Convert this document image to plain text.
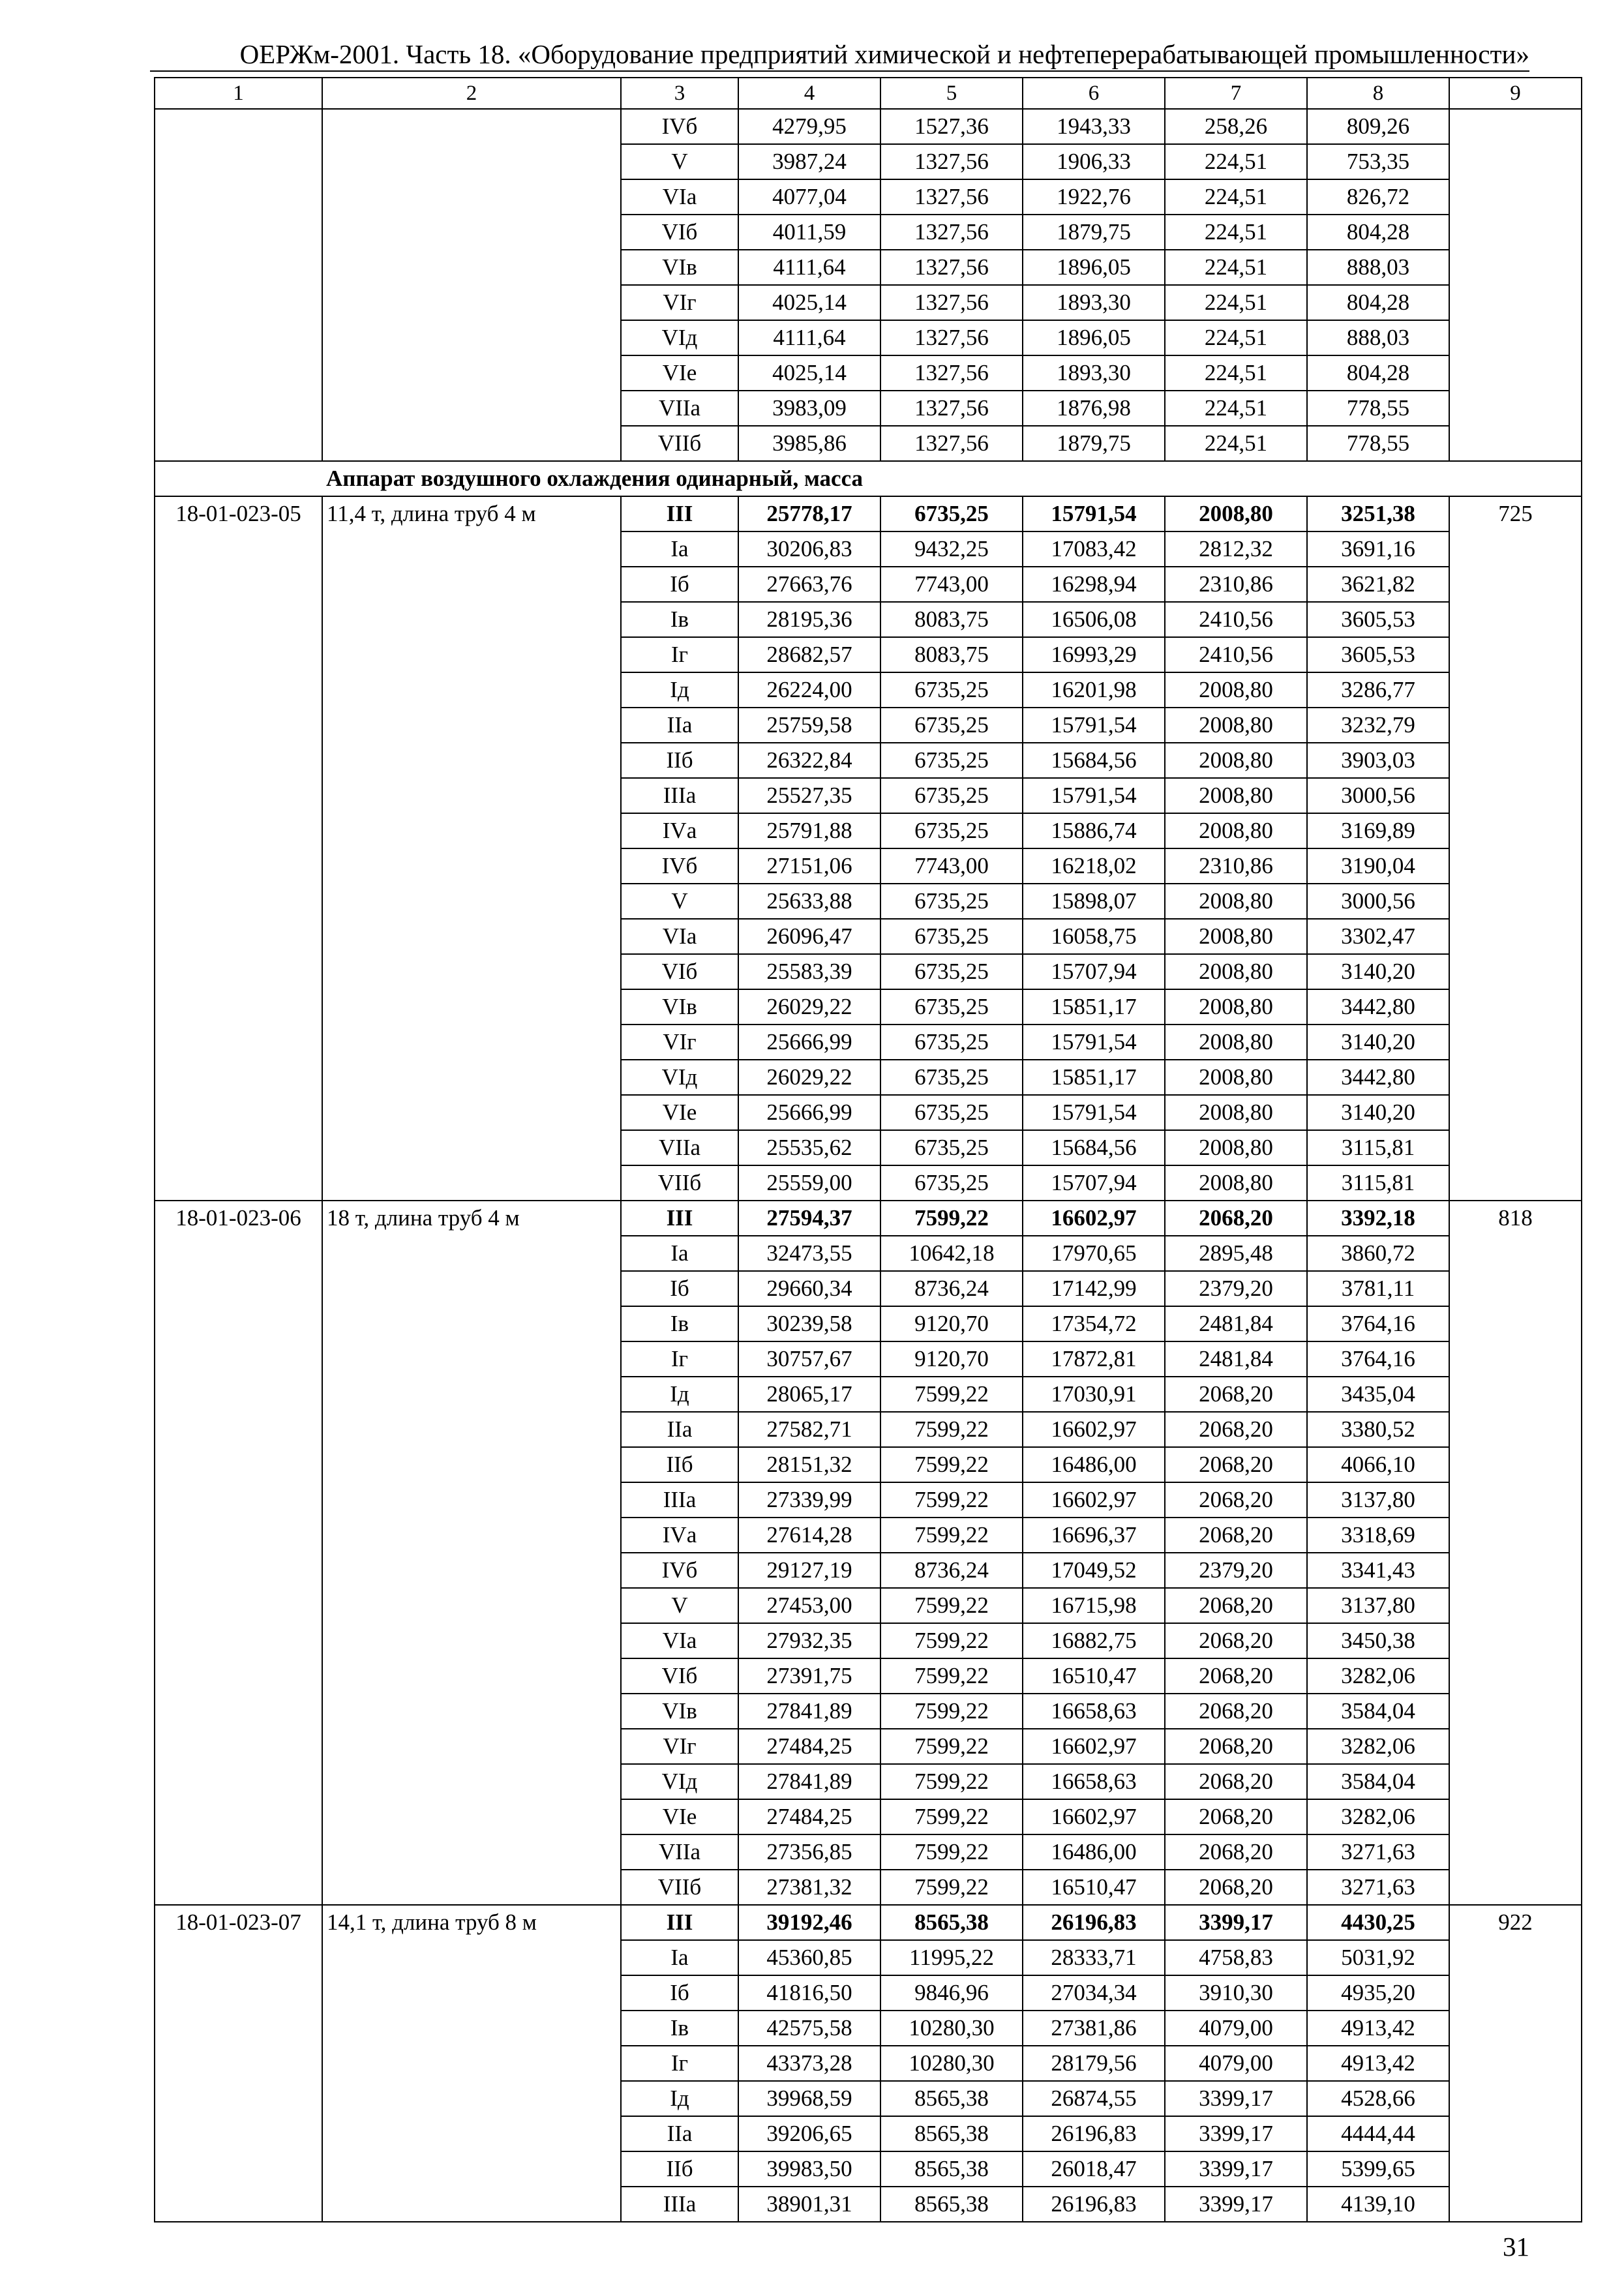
ОЕРЖм-2001. Часть 18. «Оборудование предприятий химической и нефтеперерабатывающей промышленности»
1	2	3	4	5	6	7	8	9
		IVб	4279,95	1527,36	1943,33	258,26	809,26	
		V	3987,24	1327,56	1906,33	224,51	753,35	
		VIа	4077,04	1327,56	1922,76	224,51	826,72	
		VIб	4011,59	1327,56	1879,75	224,51	804,28	
		VIв	4111,64	1327,56	1896,05	224,51	888,03	
		VIг	4025,14	1327,56	1893,30	224,51	804,28	
		VIд	4111,64	1327,56	1896,05	224,51	888,03	
		VIе	4025,14	1327,56	1893,30	224,51	804,28	
		VIIа	3983,09	1327,56	1876,98	224,51	778,55	
		VIIб	3985,86	1327,56	1879,75	224,51	778,55	
Аппарат воздушного охлаждения одинарный, масса								
18-01-023-05	11,4 т, длина труб 4 м	III	25778,17	6735,25	15791,54	2008,80	3251,38	725
		Iа	30206,83	9432,25	17083,42	2812,32	3691,16	
		Iб	27663,76	7743,00	16298,94	2310,86	3621,82	
		Iв	28195,36	8083,75	16506,08	2410,56	3605,53	
		Iг	28682,57	8083,75	16993,29	2410,56	3605,53	
		Iд	26224,00	6735,25	16201,98	2008,80	3286,77	
		IIа	25759,58	6735,25	15791,54	2008,80	3232,79	
		IIб	26322,84	6735,25	15684,56	2008,80	3903,03	
		IIIа	25527,35	6735,25	15791,54	2008,80	3000,56	
		IVа	25791,88	6735,25	15886,74	2008,80	3169,89	
		IVб	27151,06	7743,00	16218,02	2310,86	3190,04	
		V	25633,88	6735,25	15898,07	2008,80	3000,56	
		VIа	26096,47	6735,25	16058,75	2008,80	3302,47	
		VIб	25583,39	6735,25	15707,94	2008,80	3140,20	
		VIв	26029,22	6735,25	15851,17	2008,80	3442,80	
		VIг	25666,99	6735,25	15791,54	2008,80	3140,20	
		VIд	26029,22	6735,25	15851,17	2008,80	3442,80	
		VIе	25666,99	6735,25	15791,54	2008,80	3140,20	
		VIIа	25535,62	6735,25	15684,56	2008,80	3115,81	
		VIIб	25559,00	6735,25	15707,94	2008,80	3115,81	
18-01-023-06	18 т, длина труб 4 м	III	27594,37	7599,22	16602,97	2068,20	3392,18	818
		Iа	32473,55	10642,18	17970,65	2895,48	3860,72	
		Iб	29660,34	8736,24	17142,99	2379,20	3781,11	
		Iв	30239,58	9120,70	17354,72	2481,84	3764,16	
		Iг	30757,67	9120,70	17872,81	2481,84	3764,16	
		Iд	28065,17	7599,22	17030,91	2068,20	3435,04	
		IIа	27582,71	7599,22	16602,97	2068,20	3380,52	
		IIб	28151,32	7599,22	16486,00	2068,20	4066,10	
		IIIа	27339,99	7599,22	16602,97	2068,20	3137,80	
		IVа	27614,28	7599,22	16696,37	2068,20	3318,69	
		IVб	29127,19	8736,24	17049,52	2379,20	3341,43	
		V	27453,00	7599,22	16715,98	2068,20	3137,80	
		VIа	27932,35	7599,22	16882,75	2068,20	3450,38	
		VIб	27391,75	7599,22	16510,47	2068,20	3282,06	
		VIв	27841,89	7599,22	16658,63	2068,20	3584,04	
		VIг	27484,25	7599,22	16602,97	2068,20	3282,06	
		VIд	27841,89	7599,22	16658,63	2068,20	3584,04	
		VIе	27484,25	7599,22	16602,97	2068,20	3282,06	
		VIIа	27356,85	7599,22	16486,00	2068,20	3271,63	
		VIIб	27381,32	7599,22	16510,47	2068,20	3271,63	
18-01-023-07	14,1 т, длина труб 8 м	III	39192,46	8565,38	26196,83	3399,17	4430,25	922
		Iа	45360,85	11995,22	28333,71	4758,83	5031,92	
		Iб	41816,50	9846,96	27034,34	3910,30	4935,20	
		Iв	42575,58	10280,30	27381,86	4079,00	4913,42	
		Iг	43373,28	10280,30	28179,56	4079,00	4913,42	
		Iд	39968,59	8565,38	26874,55	3399,17	4528,66	
		IIа	39206,65	8565,38	26196,83	3399,17	4444,44	
		IIб	39983,50	8565,38	26018,47	3399,17	5399,65	
		IIIа	38901,31	8565,38	26196,83	3399,17	4139,10	
31
